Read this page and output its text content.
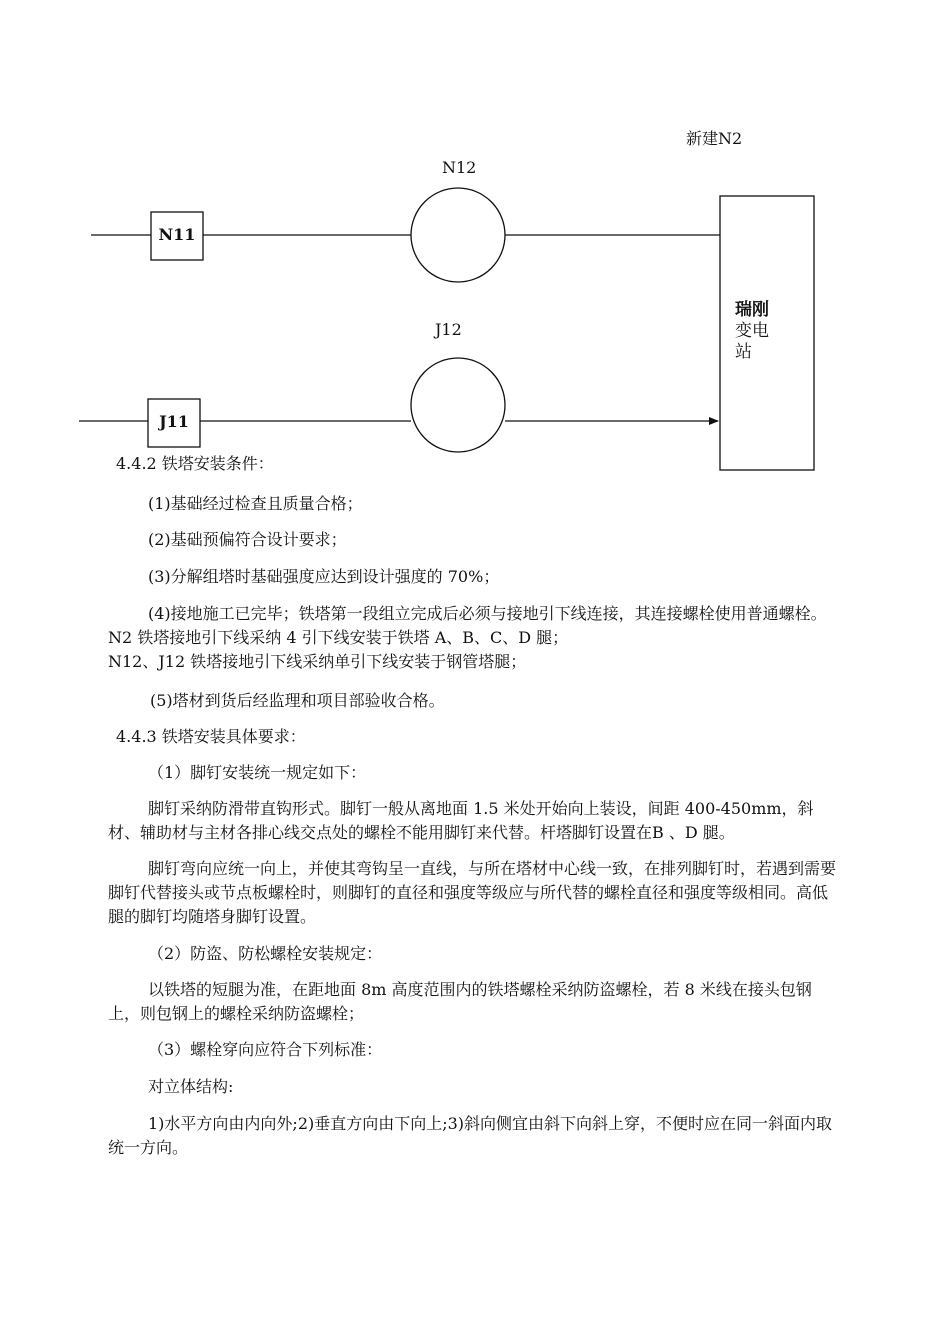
新建N2
N12
J12
N11
J11
瑞刚
变电
站

4.4.2 铁塔安装条件：

(1)基础经过检查且质量合格；

(2)基础预偏符合设计要求；

(3)分解组塔时基础强度应达到设计强度的 70%；

(4)接地施工已完毕；铁塔第一段组立完成后必须与接地引下线连接，其连接螺栓使用普通螺栓。N2 铁塔接地引下线采纳 4 引下线安装于铁塔 A、B、C、D 腿；

N12、J12 铁塔接地引下线采纳单引下线安装于钢管塔腿；

(5)塔材到货后经监理和项目部验收合格。

4.4.3 铁塔安装具体要求：

（1）脚钉安装统一规定如下：

脚钉采纳防滑带直钩形式。脚钉一般从离地面 1.5 米处开始向上装设，间距 400-450mm，斜材、辅助材与主材各排心线交点处的螺栓不能用脚钉来代替。杆塔脚钉设置在B 、D 腿。

脚钉弯向应统一向上，并使其弯钩呈一直线，与所在塔材中心线一致，在排列脚钉时，若遇到需要脚钉代替接头或节点板螺栓时，则脚钉的直径和强度等级应与所代替的螺栓直径和强度等级相同。高低腿的脚钉均随塔身脚钉设置。

（2）防盗、防松螺栓安装规定：

以铁塔的短腿为准，在距地面 8m 高度范围内的铁塔螺栓采纳防盗螺栓，若 8 米线在接头包钢上，则包钢上的螺栓采纳防盗螺栓；

（3）螺栓穿向应符合下列标准：

对立体结构:

1)水平方向由内向外;2)垂直方向由下向上;3)斜向侧宜由斜下向斜上穿，不便时应在同一斜面内取统一方向。
